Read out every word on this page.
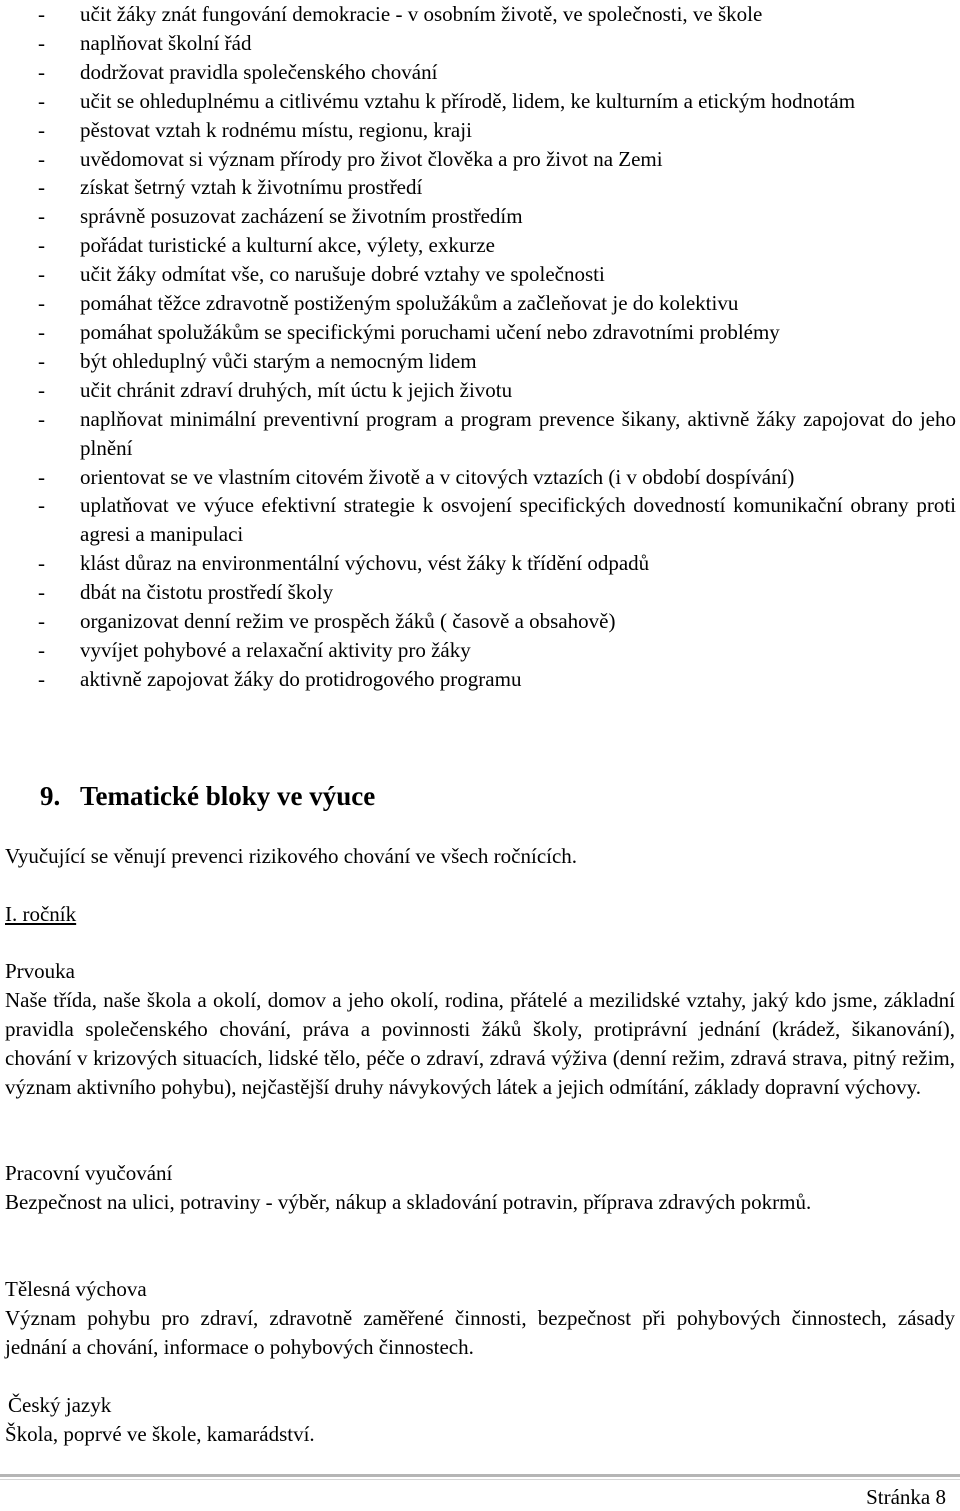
- učit žáky znát fungování demokracie - v osobním životě, ve společnosti, ve škole
- naplňovat školní řád
- dodržovat pravidla společenského chování
- učit se ohleduplnému a citlivému vztahu k přírodě, lidem, ke kulturním a etickým hodnotám
- pěstovat vztah k rodnému místu, regionu, kraji
- uvědomovat si význam přírody pro život člověka a pro život na Zemi
- získat šetrný vztah k životnímu prostředí
- správně posuzovat zacházení se životním prostředím
- pořádat turistické a kulturní akce, výlety, exkurze
- učit žáky odmítat vše, co narušuje dobré vztahy ve společnosti
- pomáhat těžce zdravotně postiženým spolužákům a začleňovat je do kolektivu
- pomáhat spolužákům se specifickými poruchami učení nebo zdravotními problémy
- být ohleduplný vůči starým a nemocným lidem
- učit chránit zdraví druhých, mít úctu k jejich životu
- naplňovat minimální preventivní program a program prevence šikany, aktivně žáky zapojovat do jeho plnění
- orientovat se ve vlastním citovém životě a v citových vztazích (i v období dospívání)
- uplatňovat ve výuce efektivní strategie k osvojení specifických dovedností komunikační obrany proti agresi a manipulaci
- klást důraz na environmentální výchovu, vést žáky k třídění odpadů
- dbát na čistotu prostředí školy
- organizovat denní režim ve prospěch žáků ( časově a obsahově)
- vyvíjet pohybové a relaxační aktivity pro žáky
- aktivně zapojovat žáky do protidrogového programu
9. Tematické bloky ve výuce
Vyučující se věnují prevenci rizikového chování ve všech ročnících.
I. ročník
Prvouka
Naše třída, naše škola a okolí, domov a jeho okolí, rodina, přátelé a mezilidské vztahy, jaký kdo jsme, základní pravidla společenského chování, práva a povinnosti žáků školy, protiprávní jednání (krádež, šikanování), chování v krizových situacích, lidské tělo, péče o zdraví, zdravá výživa (denní režim, zdravá strava, pitný režim, význam aktivního pohybu), nejčastější druhy návykových látek a jejich odmítání, základy dopravní výchovy.
Pracovní vyučování
Bezpečnost na ulici, potraviny - výběr, nákup a skladování potravin, příprava zdravých pokrmů.
Tělesná výchova
Význam pohybu pro zdraví, zdravotně zaměřené činnosti, bezpečnost při pohybových činnostech, zásady jednání a chování, informace o pohybových činnostech.
Český jazyk
Škola, poprvé ve škole, kamarádství.
Stránka 8
